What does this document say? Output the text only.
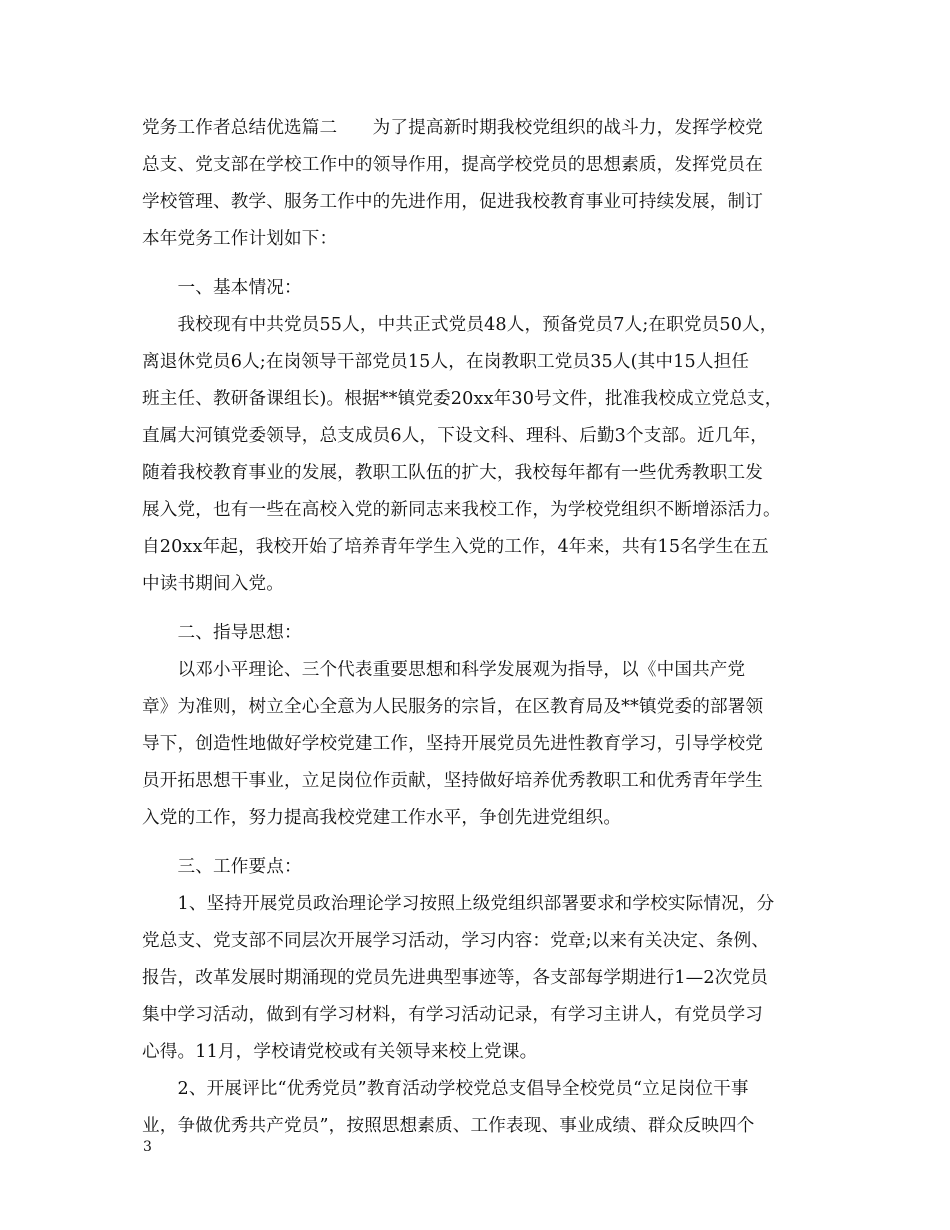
党务工作者总结优选篇二　　为了提高新时期我校党组织的战斗力，发挥学校党
总支、党支部在学校工作中的领导作用，提高学校党员的思想素质，发挥党员在
学校管理、教学、服务工作中的先进作用，促进我校教育事业可持续发展，制订
本年党务工作计划如下：
　　一、基本情况：
　　我校现有中共党员55人，中共正式党员48人，预备党员7人;在职党员50人，
离退休党员6人;在岗领导干部党员15人，在岗教职工党员35人(其中15人担任
班主任、教研备课组长)。根据**镇党委20xx年30号文件，批准我校成立党总支，
直属大河镇党委领导，总支成员6人，下设文科、理科、后勤3个支部。近几年，
随着我校教育事业的发展，教职工队伍的扩大，我校每年都有一些优秀教职工发
展入党，也有一些在高校入党的新同志来我校工作，为学校党组织不断增添活力。
自20xx年起，我校开始了培养青年学生入党的工作，4年来，共有15名学生在五
中读书期间入党。
　　二、指导思想：
　　以邓小平理论、三个代表重要思想和科学发展观为指导，以《中国共产党
章》为准则，树立全心全意为人民服务的宗旨，在区教育局及**镇党委的部署领
导下，创造性地做好学校党建工作，坚持开展党员先进性教育学习，引导学校党
员开拓思想干事业，立足岗位作贡献，坚持做好培养优秀教职工和优秀青年学生
入党的工作，努力提高我校党建工作水平，争创先进党组织。
　　三、工作要点：
　　1、坚持开展党员政治理论学习按照上级党组织部署要求和学校实际情况，分
党总支、党支部不同层次开展学习活动，学习内容：党章;以来有关决定、条例、
报告，改革发展时期涌现的党员先进典型事迹等，各支部每学期进行1—2次党员
集中学习活动，做到有学习材料，有学习活动记录，有学习主讲人，有党员学习
心得。11月，学校请党校或有关领导来校上党课。
　　2、开展评比“优秀党员”教育活动学校党总支倡导全校党员“立足岗位干事
业，争做优秀共产党员”，按照思想素质、工作表现、事业成绩、群众反映四个
3
